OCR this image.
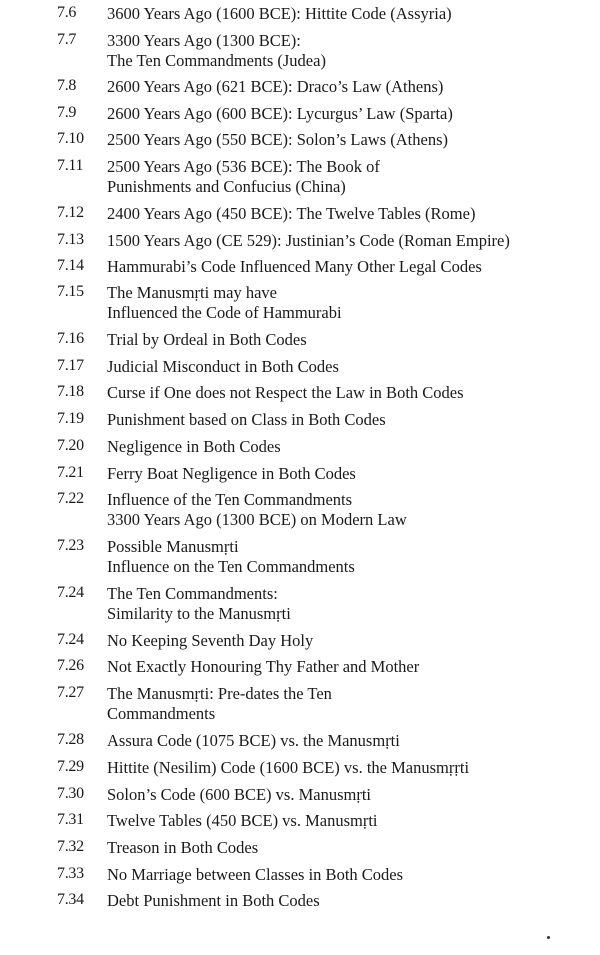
7.6 3600 Years Ago (1600 BCE): Hittite Code (Assyria)
7.7 3300 Years Ago (1300 BCE):
The Ten Commandments (Judea)
7.8 2600 Years Ago (621 BCE): Draco’s Law (Athens)
7.9 2600 Years Ago (600 BCE): Lycurgus’ Law (Sparta)
7.10 2500 Years Ago (550 BCE): Solon’s Laws (Athens)
7.11 2500 Years Ago (536 BCE): The Book of
Punishments and Confucius (China)
7.12 2400 Years Ago (450 BCE): The Twelve Tables (Rome)
7.13 1500 Years Ago (CE 529): Justinian’s Code (Roman Empire)
7.14 Hammurabi’s Code Influenced Many Other Legal Codes
7.15 The Manusmṛti may have
Influenced the Code of Hammurabi
7.16 Trial by Ordeal in Both Codes
7.17 Judicial Misconduct in Both Codes
7.18 Curse if One does not Respect the Law in Both Codes
7.19 Punishment based on Class in Both Codes
7.20 Negligence in Both Codes
7.21 Ferry Boat Negligence in Both Codes
7.22 Influence of the Ten Commandments
3300 Years Ago (1300 BCE) on Modern Law
7.23 Possible Manusmṛti
Influence on the Ten Commandments
7.24 The Ten Commandments:
Similarity to the Manusmṛti
7.24 No Keeping Seventh Day Holy
7.26 Not Exactly Honouring Thy Father and Mother
7.27 The Manusmṛti: Pre-dates the Ten
Commandments
7.28 Assura Code (1075 BCE) vs. the Manusmṛti
7.29 Hittite (Nesilim) Code (1600 BCE) vs. the Manusmṛṛti
7.30 Solon’s Code (600 BCE) vs. Manusmṛti
7.31 Twelve Tables (450 BCE) vs. Manusmṛti
7.32 Treason in Both Codes
7.33 No Marriage between Classes in Both Codes
7.34 Debt Punishment in Both Codes
